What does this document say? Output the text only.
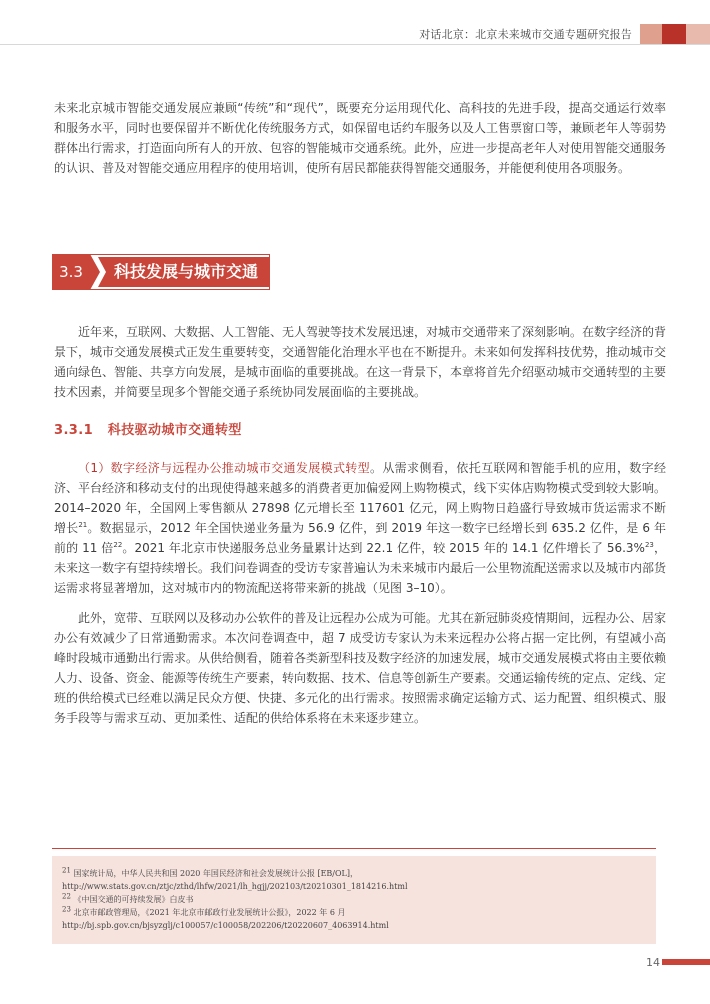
对话北京：北京未来城市交通专题研究报告

未来北京城市智能交通发展应兼顾“传统”和“现代”，既要充分运用现代化、高科技的先进手段，提高交通运行效率和服务水平，同时也要保留并不断优化传统服务方式，如保留电话约车服务以及人工售票窗口等，兼顾老年人等弱势群体出行需求，打造面向所有人的开放、包容的智能城市交通系统。此外，应进一步提高老年人对使用智能交通服务的认识、普及对智能交通应用程序的使用培训，使所有居民都能获得智能交通服务，并能便利使用各项服务。

3.3	科技发展与城市交通

近年来，互联网、大数据、人工智能、无人驾驶等技术发展迅速，对城市交通带来了深刻影响。在数字经济的背景下，城市交通发展模式正发生重要转变，交通智能化治理水平也在不断提升。未来如何发挥科技优势，推动城市交通向绿色、智能、共享方向发展，是城市面临的重要挑战。在这一背景下，本章将首先介绍驱动城市交通转型的主要技术因素，并简要呈现多个智能交通子系统协同发展面临的主要挑战。

3.3.1 科技驱动城市交通转型

（1）数字经济与远程办公推动城市交通发展模式转型。从需求侧看，依托互联网和智能手机的应用，数字经济、平台经济和移动支付的出现使得越来越多的消费者更加偏爱网上购物模式，线下实体店购物模式受到较大影响。2014–2020 年，全国网上零售额从 27898 亿元增长至 117601 亿元，网上购物日趋盛行导致城市货运需求不断增长$^{21}$。数据显示，2012 年全国快递业务量为 56.9 亿件，到 2019 年这一数字已经增长到 635.2 亿件，是 6 年前的 11 倍$^{22}$。2021 年北京市快递服务总业务量累计达到 22.1 亿件，较 2015 年的 14.1 亿件增长了 56.3%$^{23}$，未来这一数字有望持续增长。我们问卷调查的受访专家普遍认为未来城市内最后一公里物流配送需求以及城市内部货运需求将显著增加，这对城市内的物流配送将带来新的挑战（见图 3–10）。

此外，宽带、互联网以及移动办公软件的普及让远程办公成为可能。尤其在新冠肺炎疫情期间，远程办公、居家办公有效减少了日常通勤需求。本次问卷调查中，超 7 成受访专家认为未来远程办公将占据一定比例，有望减小高峰时段城市通勤出行需求。从供给侧看，随着各类新型科技及数字经济的加速发展，城市交通发展模式将由主要依赖人力、设备、资金、能源等传统生产要素，转向数据、技术、信息等创新生产要素。交通运输传统的定点、定线、定班的供给模式已经难以满足民众方便、快捷、多元化的出行需求。按照需求确定运输方式、运力配置、组织模式、服务手段等与需求互动、更加柔性、适配的供给体系将在未来逐步建立。

$^{21}$ 国家统计局，中华人民共和国 2020 年国民经济和社会发展统计公报 [EB/OL]，http://www.stats.gov.cn/ztjc/zthd/lhfw/2021/lh_hgjj/202103/t20210301_1814216.html

$^{22}$ 《中国交通的可持续发展》白皮书

$^{23}$ 北京市邮政管理局，《2021 年北京市邮政行业发展统计公报》，2022 年 6 月 http://bj.spb.gov.cn/bjsyzglj/c100057/c100058/202206/t20220607_4063914.html

14
